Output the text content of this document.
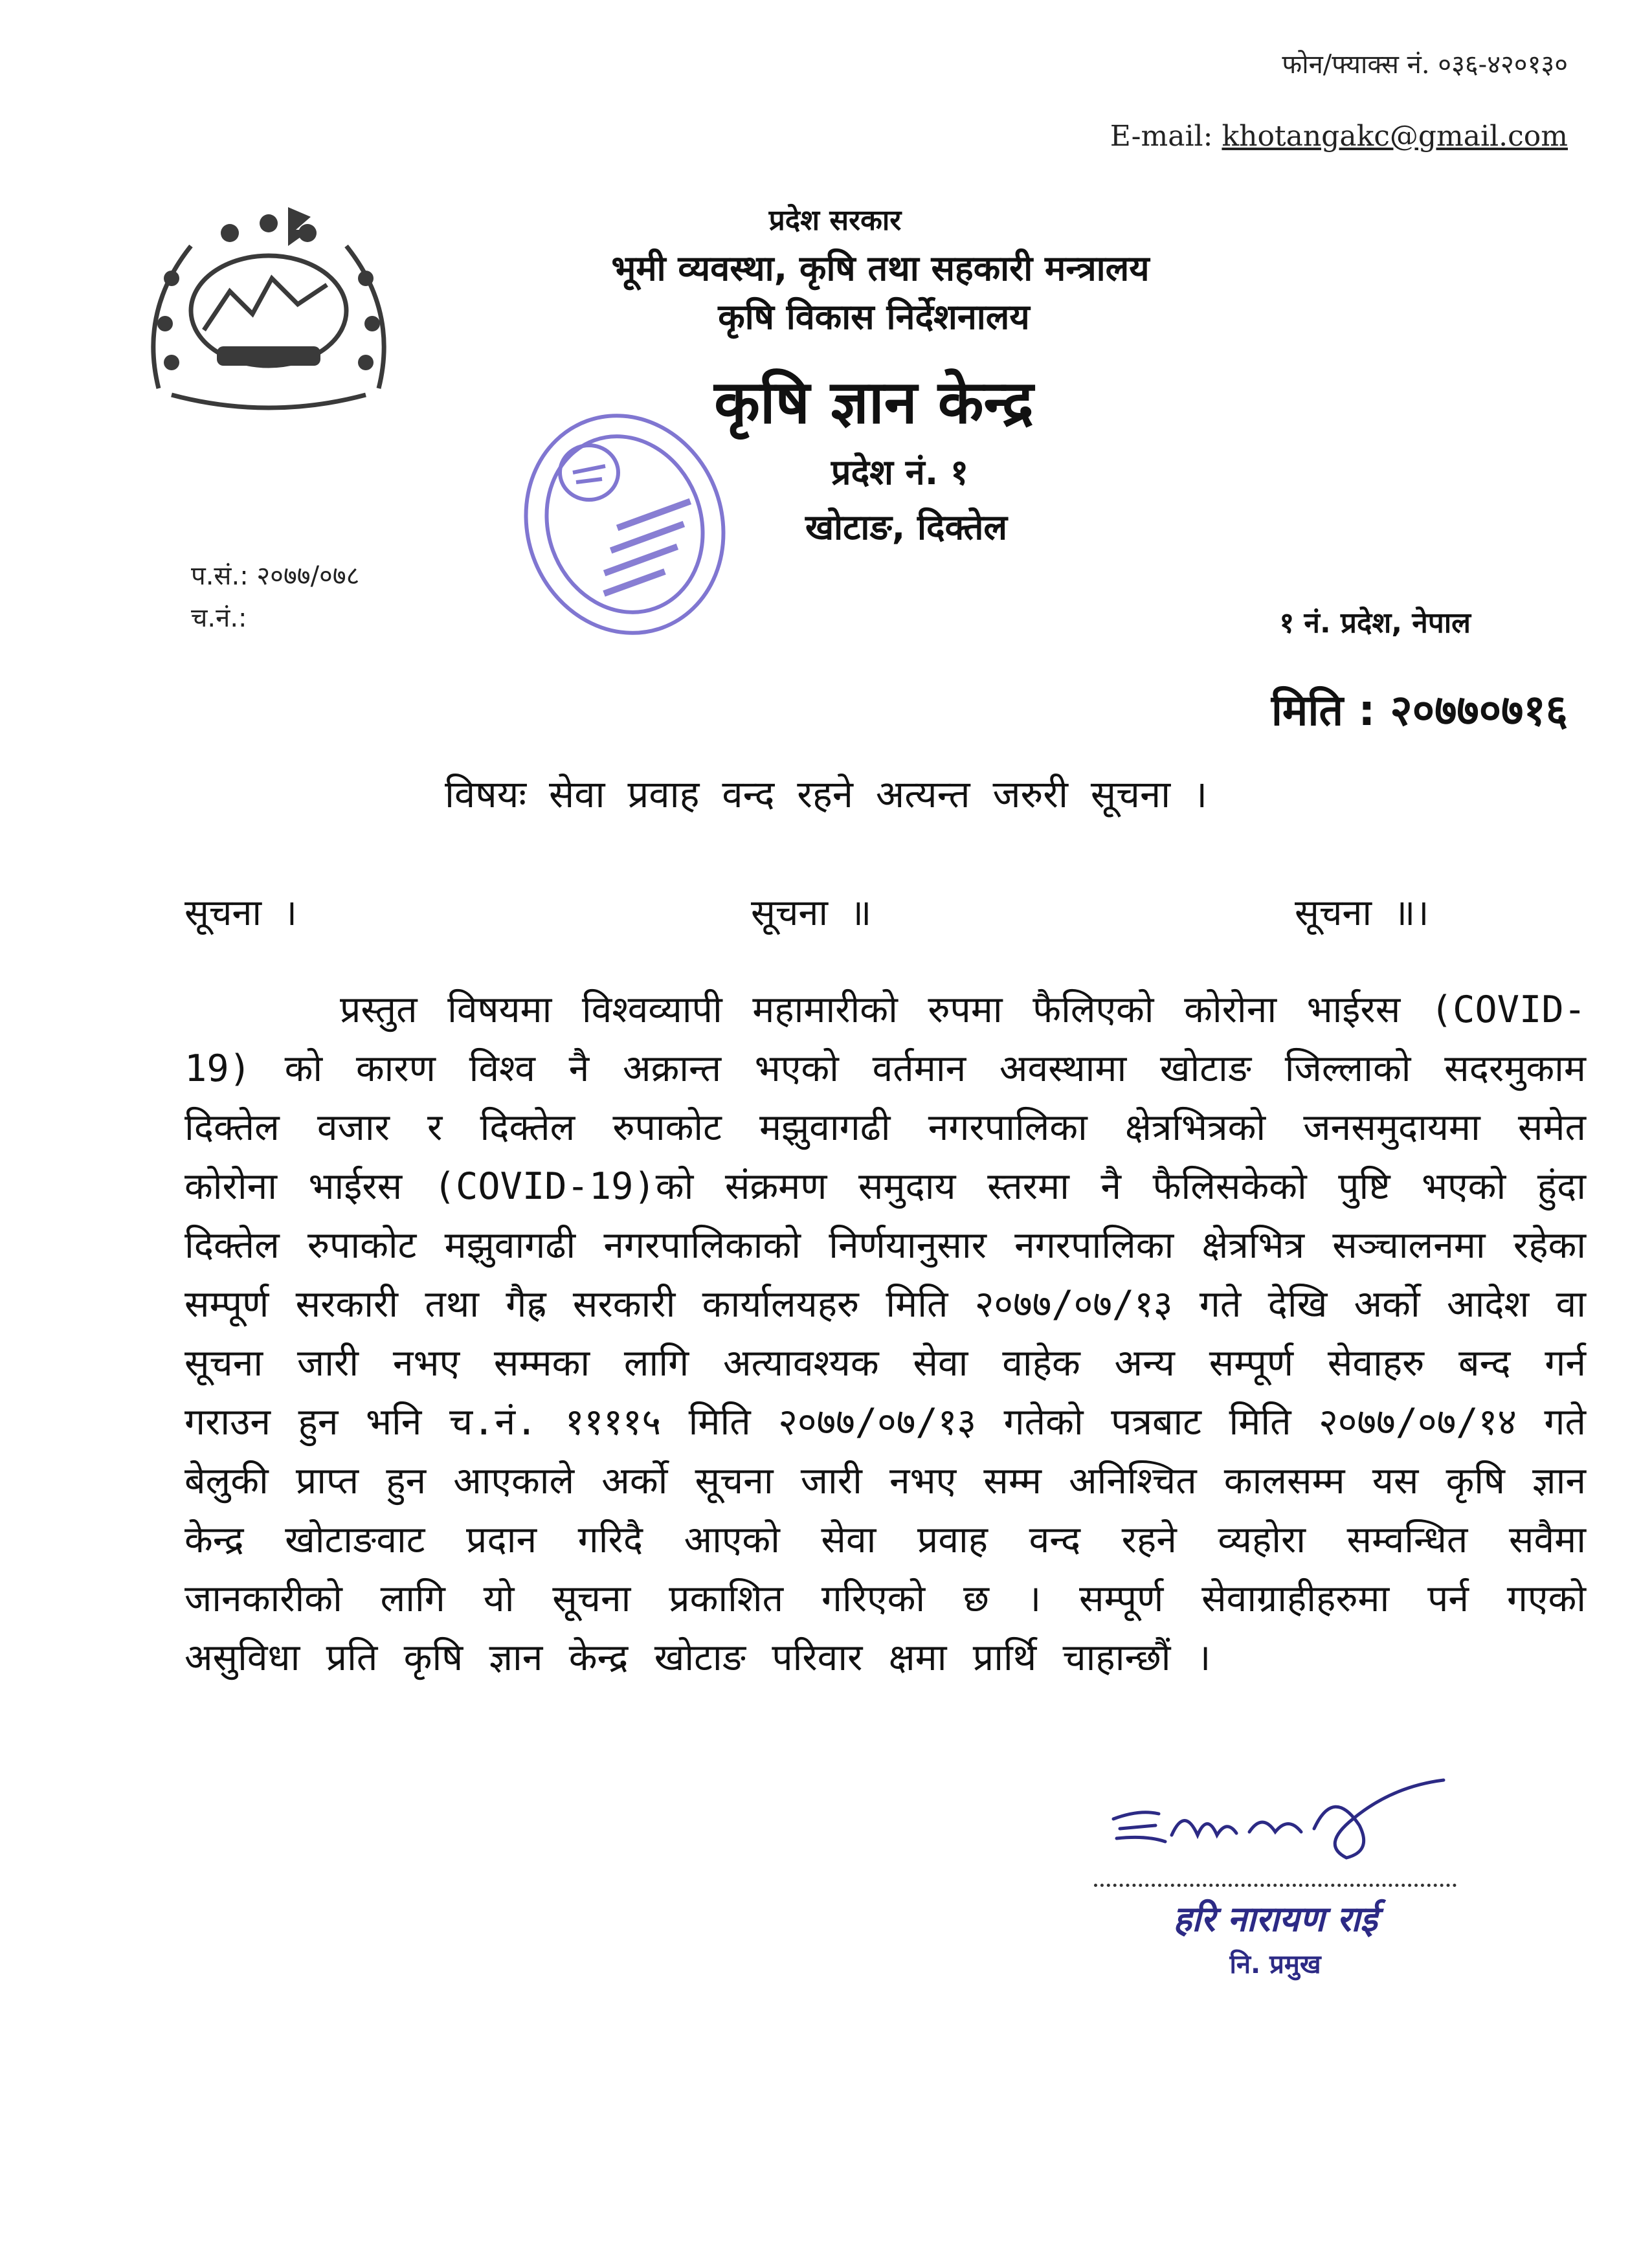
फोन/फ्याक्स नं. ०३६-४२०१३०
E-mail: khotangakc@gmail.com
प्रदेश सरकार
भूमी व्यवस्था, कृषि तथा सहकारी मन्त्रालय
कृषि विकास निर्देशनालय
कृषि ज्ञान केन्द्र
प्रदेश नं. १
खोटाङ, दिक्तेल
प.सं.: २०७७/०७८
च.नं.:	१ नं. प्रदेश, नेपाल
मिति : २०७७०७१६
विषयः सेवा प्रवाह वन्द रहने अत्यन्त जरुरी सूचना ।
सूचना ।	सूचना ॥	सूचना ॥।
प्रस्तुत विषयमा विश्वव्यापी महामारीको रुपमा फैलिएको कोरोना भाईरस (COVID-19) को कारण विश्व नै अक्रान्त भएको वर्तमान अवस्थामा खोटाङ जिल्लाको सदरमुकाम दिक्तेल वजार र दिक्तेल रुपाकोट मझुवागढी नगरपालिका क्षेत्रभित्रको जनसमुदायमा समेत कोरोना भाईरस (COVID-19)को संक्रमण समुदाय स्तरमा नै फैलिसकेको पुष्टि भएको हुंदा दिक्तेल रुपाकोट मझुवागढी नगरपालिकाको निर्णयानुसार नगरपालिका क्षेत्रभित्र सञ्चालनमा रहेका सम्पूर्ण सरकारी तथा गैह्र सरकारी कार्यालयहरु मिति २०७७/०७/१३ गते देखि अर्को आदेश वा सूचना जारी नभए सम्मका लागि अत्यावश्यक सेवा वाहेक अन्य सम्पूर्ण सेवाहरु बन्द गर्न गराउन हुन भनि च.नं. ११११५ मिति २०७७/०७/१३ गतेको पत्रबाट मिति २०७७/०७/१४ गते बेलुकी प्राप्त हुन आएकाले अर्को सूचना जारी नभए सम्म अनिश्चित कालसम्म यस कृषि ज्ञान केन्द्र खोटाङवाट प्रदान गरिदै आएको सेवा प्रवाह वन्द रहने व्यहोरा सम्वन्धित सवैमा जानकारीको लागि यो सूचना प्रकाशित गरिएको छ । सम्पूर्ण सेवाग्राहीहरुमा पर्न गएको असुविधा प्रति कृषि ज्ञान केन्द्र खोटाङ परिवार क्षमा प्रार्थि चाहान्छौं ।
हरि नारायण राई
नि. प्रमुख
